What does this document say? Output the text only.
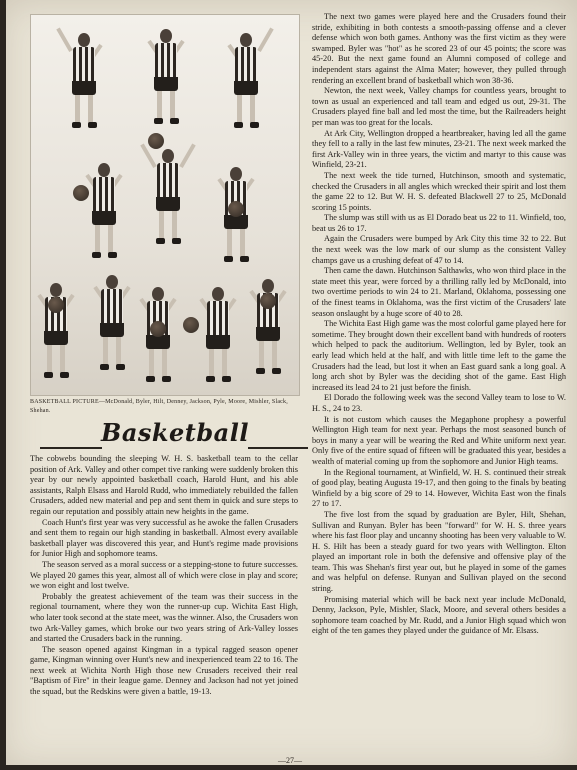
BASKETBALL PICTURE—McDonald, Byler, Hilt, Denney, Jackson, Pyle, Moore, Mishler, Slack, Shehan.
Basketball

The cobwebs bounding the sleeping W. H. S. basketball team to the cellar position of Ark. Valley and other compet tive ranking were suddenly broken this year by our newly appointed basketball coach, Harold Hunt, and his able assistants, Ralph Elsass and Harold Rudd, who immediately rebuilded the fallen Crusaders, added new material and pep and sent them in quick and sure steps to regain our reputation and possibly attain new heights in the game.

Coach Hunt's first year was very successful as he awoke the fallen Crusaders and sent them to regain our high standing in basketball. Almost every available basketball player was discovered this year, and Hunt's regime made provisions for Junior High and sophomore teams.

The season served as a moral success or a stepping-stone to future successes. We played 20 games this year, almost all of which were close in play and score; we won eight and lost twelve.

Probably the greatest achievement of the team was their success in the regional tournament, where they won the runner-up cup. Wichita East High, who later took second at the state meet, was the winner. Also, the Crusaders won two Ark-Valley games, which broke our two years string of Ark-Valley losses and started the Crusaders back in the running.

The season opened against Kingman in a typical ragged season opener game, Kingman winning over Hunt's new and inexperienced team 22 to 16. The next week at Wichita North High those new Crusaders received their real "Baptism of Fire" in their league game. Denney and Jackson had not yet joined the squad, but the Redskins were given a battle, 19-13.

The next two games were played here and the Crusaders found their stride, exhibiting in both contests a smooth-passing offense and a clever defense which won both games. Anthony was the first victim as they were swamped. Byler was "hot" as he scored 23 of our 45 points; the score was 45-20. But the next game found an Alumni composed of college and independent stars against the Alma Mater; however, they pulled through rendering an excellent brand of basketball which won 38-36.

Newton, the next week, Valley champs for countless years, brought to town as usual an experienced and tall team and edged us out, 29-31. The Crusaders played fine ball and led most the time, but the Railreaders height per man was too great for the locals.

At Ark City, Wellington dropped a heartbreaker, having led all the game they fell to a rally in the last few minutes, 23-21. The next week marked the first Ark-Valley win in three years, the victim and martyr to this cause was Winfield, 23-21.

The next week the tide turned, Hutchinson, smooth and systematic, checked the Crusaders in all angles which wrecked their spirit and lost them the game 22 to 12. But W. H. S. defeated Blackwell 27 to 25, McDonald scoring 15 points.

The slump was still with us as El Dorado beat us 22 to 11. Winfield, too, beat us 26 to 17.

Again the Crusaders were bumped by Ark City this time 32 to 22. But the next week was the low mark of our slump as the consistent Valley champs gave us a crushing defeat of 47 to 14.

Then came the dawn. Hutchinson Salthawks, who won third place in the state meet this year, were forced by a thrilling rally led by McDonald, into two overtime periods to win 24 to 21. Marland, Oklahoma, possessing one of the finest teams in Oklahoma, was the first victim of the Crusaders' late season onslaught by a huge score of 40 to 28.

The Wichita East High game was the most colorful game played here for sometime. They brought down their excellent band with hundreds of rooters which helped to pack the auditorium. Wellington, led by Byler, took an early lead which held at the half, and with little time left to the game the Crusaders had the lead, but lost it when an East guard sank a long goal. A long arch shot by Byler was the deciding shot of the game. East High increased its lead 24 to 21 just before the finish.

El Dorado the following week was the second Valley team to lose to W. H. S., 24 to 23.

It is not custom which causes the Megaphone prophesy a powerful Wellington High team for next year. Perhaps the most seasoned bunch of boys in many a year will be wearing the Red and White uniform next year. Only five of the entire squad of fifteen will be graduated this year, besides a wealth of material coming up from the sophomore and Junior High teams.

In the Regional tournament, at Winfield, W. H. S. continued their streak of good play, beating Augusta 19-17, and then going to the finals by beating Winfield by a big score of 29 to 14. However, Wichita East won the finals 27 to 17.

The five lost from the squad by graduation are Byler, Hilt, Shehan, Sullivan and Runyan. Byler has been "forward" for W. H. S. three years where his fast floor play and uncanny shooting has been very valuable to W. H. S. Hilt has been a steady guard for two years with Wellington. Elton played an important role in both the defensive and offensive play of the team. This was Shehan's first year out, but he played in some of the games and was helpful on defense. Runyan and Sullivan played on the second string.

Promising material which will be back next year include McDonald, Denny, Jackson, Pyle, Mishler, Slack, Moore, and several others besides a sophomore team coached by Mr. Rudd, and a Junior High squad which won eight of the ten games they played under the guidance of Mr. Elsass.

—27—
